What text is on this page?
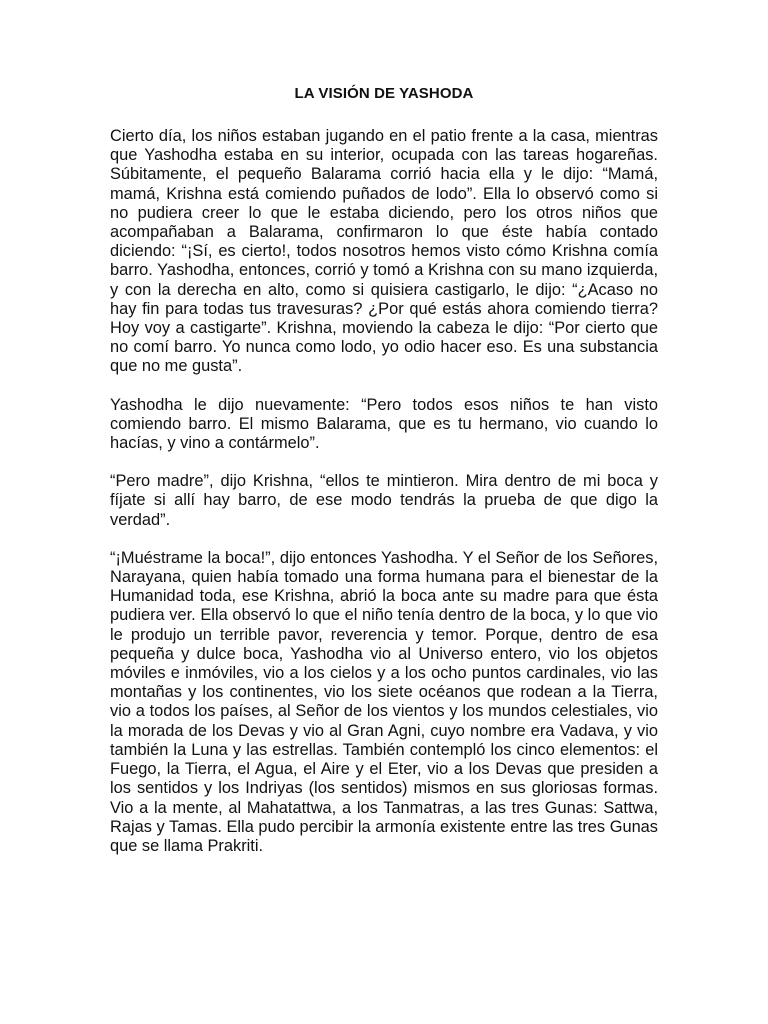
LA VISIÓN DE YASHODA

Cierto día, los niños estaban jugando en el patio frente a la casa, mientras que Yashodha estaba en su interior, ocupada con las tareas hogareñas. Súbitamente, el pequeño Balarama corrió hacia ella y le dijo: “Mamá, mamá, Krishna está comiendo puñados de lodo”. Ella lo observó como si no pudiera creer lo que le estaba diciendo, pero los otros niños que acompañaban a Balarama, confirmaron lo que éste había contado diciendo: “¡Sí, es cierto!, todos nosotros hemos visto cómo Krishna comía barro. Yashodha, entonces, corrió y tomó a Krishna con su mano izquierda, y con la derecha en alto, como si quisiera castigarlo, le dijo: “¿Acaso no hay fin para todas tus travesuras? ¿Por qué estás ahora comiendo tierra? Hoy voy a castigarte”. Krishna, moviendo la cabeza le dijo: “Por cierto que no comí barro. Yo nunca como lodo, yo odio hacer eso. Es una substancia que no me gusta”.

Yashodha le dijo nuevamente: “Pero todos esos niños te han visto comiendo barro. El mismo Balarama, que es tu hermano, vio cuando lo hacías, y vino a contármelo”.

“Pero madre”, dijo Krishna, “ellos te mintieron. Mira dentro de mi boca y fíjate si allí hay barro, de ese modo tendrás la prueba de que digo la verdad”.

“¡Muéstrame la boca!”, dijo entonces Yashodha. Y el Señor de los Señores, Narayana, quien había tomado una forma humana para el bienestar de la Humanidad toda, ese Krishna, abrió la boca ante su madre para que ésta pudiera ver. Ella observó lo que el niño tenía dentro de la boca, y lo que vio le produjo un terrible pavor, reverencia y temor. Porque, dentro de esa pequeña y dulce boca, Yashodha vio al Universo entero, vio los objetos móviles e inmóviles, vio a los cielos y a los ocho puntos cardinales, vio las montañas y los continentes, vio los siete océanos que rodean a la Tierra, vio a todos los países, al Señor de los vientos y los mundos celestiales, vio la morada de los Devas y vio al Gran Agni, cuyo nombre era Vadava, y vio también la Luna y las estrellas. También contempló los cinco elementos: el Fuego, la Tierra, el Agua, el Aire y el Eter, vio a los Devas que presiden a los sentidos y los Indriyas (los sentidos) mismos en sus gloriosas formas. Vio a la mente, al Mahatattwa, a los Tanmatras, a las tres Gunas: Sattwa, Rajas y Tamas. Ella pudo percibir la armonía existente entre las tres Gunas que se llama Prakriti.
